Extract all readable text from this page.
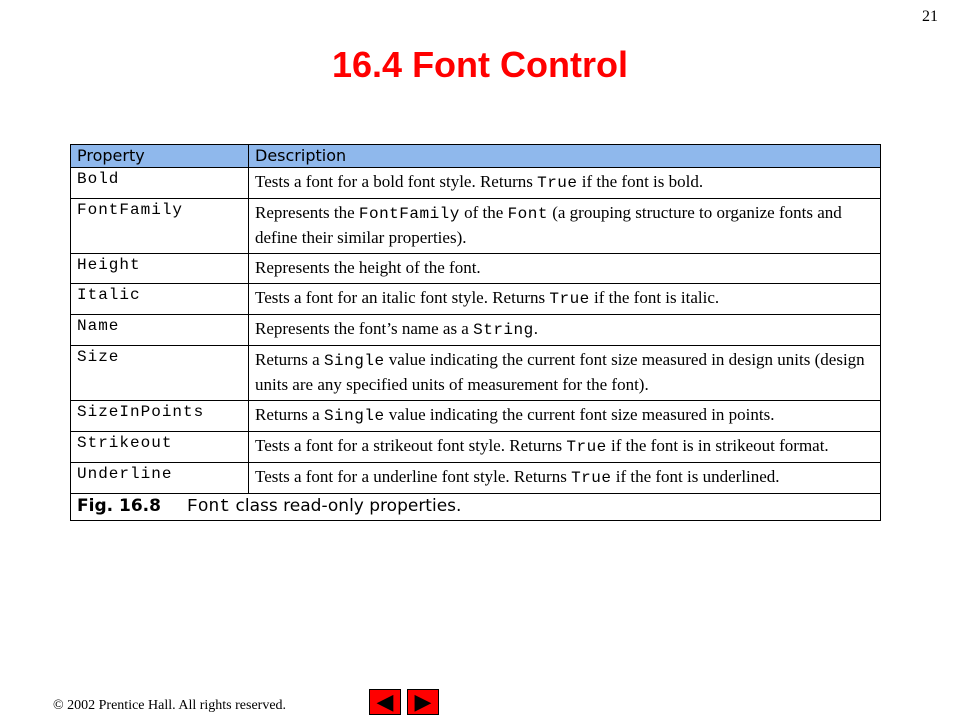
21
16.4 Font Control
Property	Description
Bold	Tests a font for a bold font style. Returns True if the font is bold.
FontFamily	Represents the FontFamily of the Font (a grouping structure to organize fonts and define their similar properties).
Height	Represents the height of the font.
Italic	Tests a font for an italic font style. Returns True if the font is italic.
Name	Represents the font’s name as a String.
Size	Returns a Single value indicating the current font size measured in design units (design units are any specified units of measurement for the font).
SizeInPoints	Returns a Single value indicating the current font size measured in points.
Strikeout	Tests a font for a strikeout font style. Returns True if the font is in strikeout format.
Underline	Tests a font for a underline font style. Returns True if the font is underlined.
Fig. 16.8 Font class read-only properties.	
© 2002 Prentice Hall. All rights reserved.	◀ ▶
